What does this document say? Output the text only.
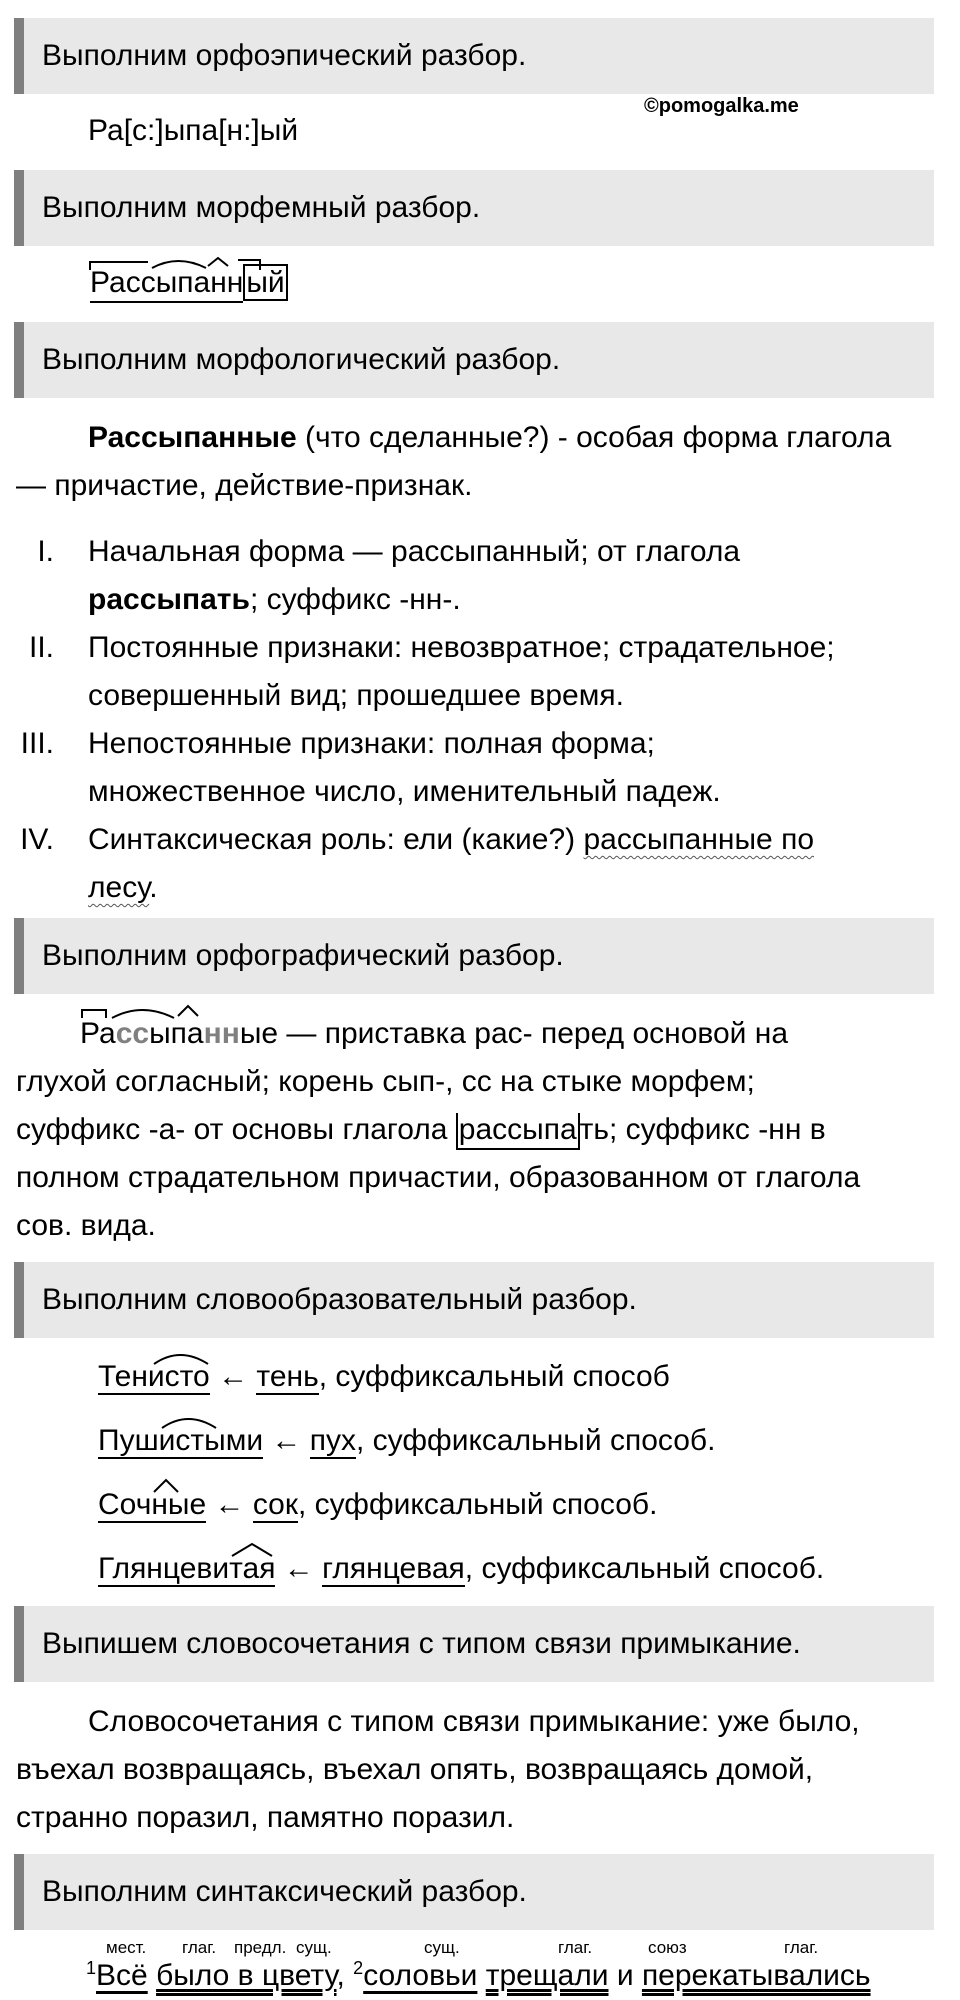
Выполним орфоэпический разбор.
©pomogalka.me
Ра[с:]ыпа[н:]ый
Выполним морфемный разбор.
Рассыпанн ый
Выполним морфологический разбор.
Рассыпанные (что сделанные?) - особая форма глагола
— причастие, действие-признак.
I. Начальная форма — рассыпанный; от глагола
рассыпать; суффикс -нн-.
II. Постоянные признаки: невозвратное; страдательное;
совершенный вид; прошедшее время.
III. Непостоянные признаки: полная форма;
множественное число, именительный падеж.
IV. Синтаксическая роль: ели (какие?) рассыпанные по
лесу.
Выполним орфографический разбор.
Рассыпанные — приставка рас- перед основой на
глухой согласный; корень сып-, сс на стыке морфем;
суффикс -а- от основы глагола рассыпа ть; суффикс -нн в
полном страдательном причастии, образованном от глагола
сов. вида.
Выполним словообразовательный разбор.
Тенисто ← тень, суффиксальный способ
Пушистыми ← пух, суффиксальный способ.
Сочные ← сок, суффиксальный способ.
Глянцевитая ← глянцевая, суффиксальный способ.
Выпишем словосочетания с типом связи примыкание.
Словосочетания с типом связи примыкание: уже было,
въехал возвращаясь, въехал опять, возвращаясь домой,
странно поразил, памятно поразил.
Выполним синтаксический разбор.
мест. глаг. предл. сущ.	сущ.	глаг.	союз	глаг.
$^1$Всё было в цвету, $^2$соловьи трещали и перекатывались
